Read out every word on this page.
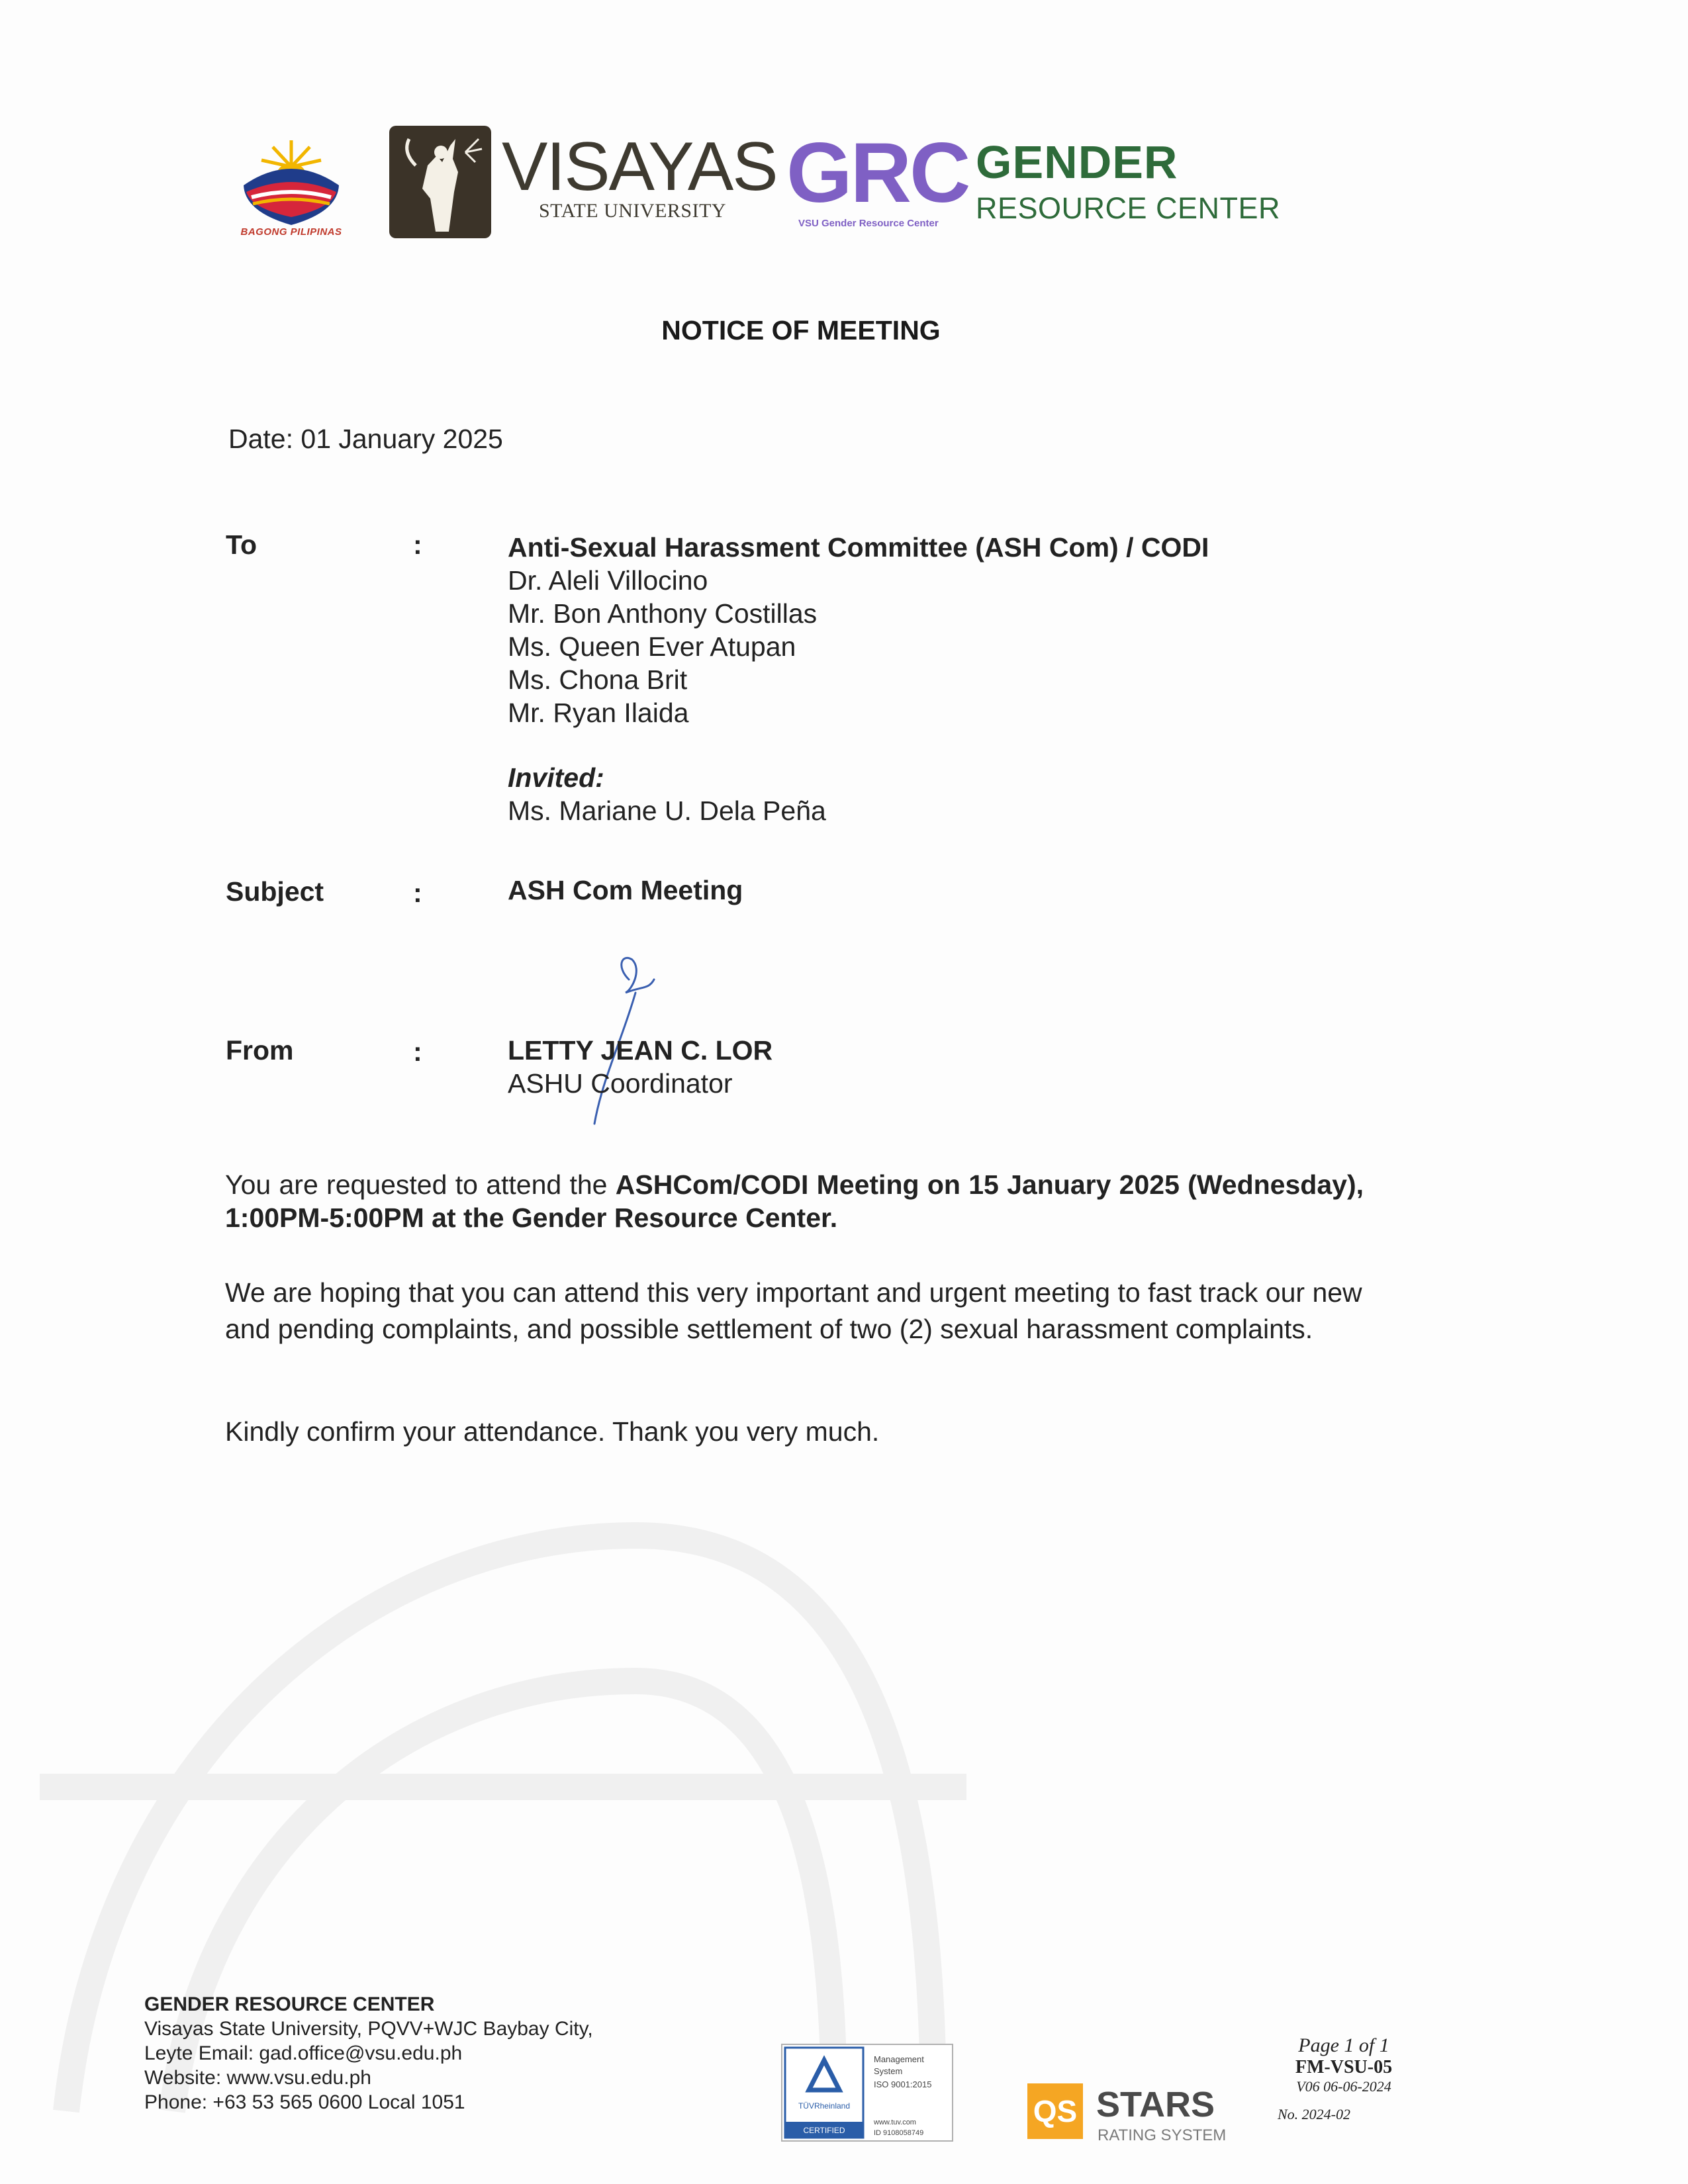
BAGONG PILIPINAS
VISAYAS
STATE UNIVERSITY GRC
VSU Gender Resource Center
GENDER
RESOURCE CENTER
NOTICE OF MEETING
Date: 01 January 2025
To	:	Anti-Sexual Harassment Committee (ASH Com) / CODI
Dr. Aleli Villocino
Mr. Bon Anthony Costillas
Ms. Queen Ever Atupan
Ms. Chona Brit
Mr. Ryan Ilaida
Invited:
Ms. Mariane U. Dela Peña
Subject	:	ASH Com Meeting
From	:	LETTY JEAN C. LOR
ASHU Coordinator
You are requested to attend the ASHCom/CODI Meeting on 15 January 2025 (Wednesday), 1:00PM-5:00PM at the Gender Resource Center.
We are hoping that you can attend this very important and urgent meeting to fast track our new and pending complaints, and possible settlement of two (2) sexual harassment complaints.
Kindly confirm your attendance. Thank you very much.
GENDER RESOURCE CENTER
Visayas State University, PQVV+WJC Baybay City,
Leyte Email: gad.office@vsu.edu.ph
Website: www.vsu.edu.ph
Phone: +63 53 565 0600 Local 1051	TÜVRheinland
CERTIFIED
Management
System
ISO 9001:2015
www.tuv.com
ID 9108058749
QS STARS
RATING SYSTEM
Page 1 of 1
FM-VSU-05
V06 06-06-2024
No. 2024-02
